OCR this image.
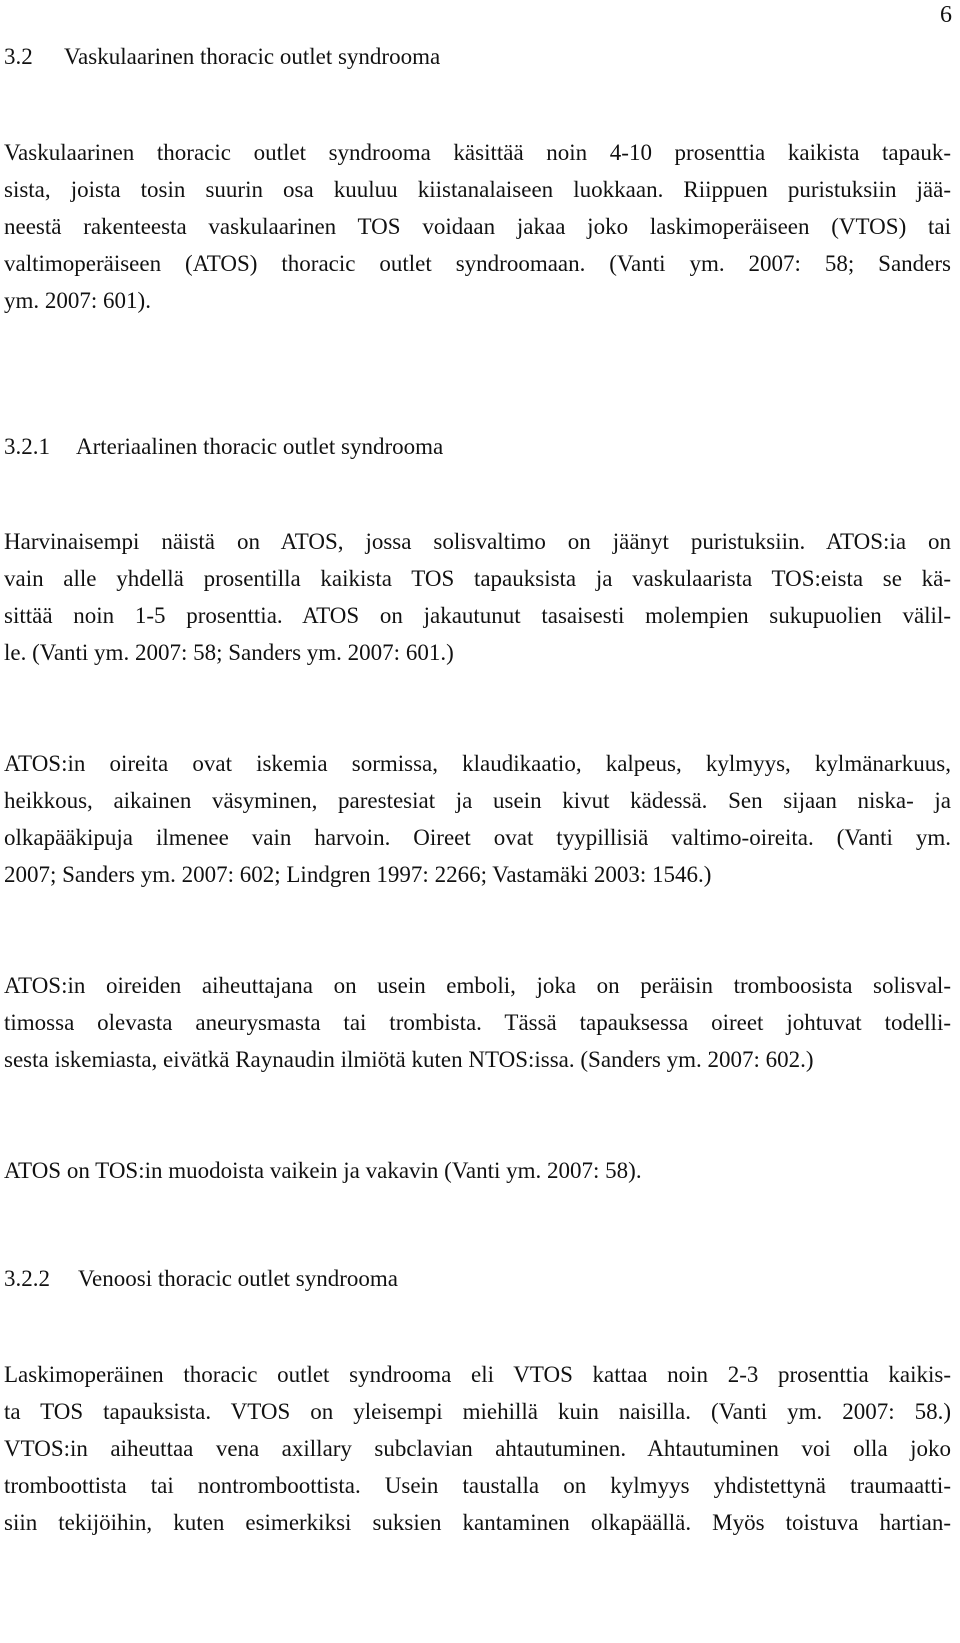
6
3.2 Vaskulaarinen thoracic outlet syndrooma
Vaskulaarinen thoracic outlet syndrooma käsittää noin 4-10 prosenttia kaikista tapauk-
sista, joista tosin suurin osa kuuluu kiistanalaiseen luokkaan. Riippuen puristuksiin jää-
neestä rakenteesta vaskulaarinen TOS voidaan jakaa joko laskimoperäiseen (VTOS) tai
valtimoperäiseen (ATOS) thoracic outlet syndroomaan. (Vanti ym. 2007: 58; Sanders
ym. 2007: 601).
3.2.1 Arteriaalinen thoracic outlet syndrooma
Harvinaisempi näistä on ATOS, jossa solisvaltimo on jäänyt puristuksiin. ATOS:ia on
vain alle yhdellä prosentilla kaikista TOS tapauksista ja vaskulaarista TOS:eista se kä-
sittää noin 1-5 prosenttia. ATOS on jakautunut tasaisesti molempien sukupuolien välil-
le. (Vanti ym. 2007: 58; Sanders ym. 2007: 601.)
ATOS:in oireita ovat iskemia sormissa, klaudikaatio, kalpeus, kylmyys, kylmänarkuus,
heikkous, aikainen väsyminen, parestesiat ja usein kivut kädessä. Sen sijaan niska- ja
olkapääkipuja ilmenee vain harvoin. Oireet ovat tyypillisiä valtimo-oireita. (Vanti ym.
2007; Sanders ym. 2007: 602; Lindgren 1997: 2266; Vastamäki 2003: 1546.)
ATOS:in oireiden aiheuttajana on usein emboli, joka on peräisin tromboosista solisval-
timossa olevasta aneurysmasta tai trombista. Tässä tapauksessa oireet johtuvat todelli-
sesta iskemiasta, eivätkä Raynaudin ilmiötä kuten NTOS:issa. (Sanders ym. 2007: 602.)
ATOS on TOS:in muodoista vaikein ja vakavin (Vanti ym. 2007: 58).
3.2.2 Venoosi thoracic outlet syndrooma
Laskimoperäinen thoracic outlet syndrooma eli VTOS kattaa noin 2-3 prosenttia kaikis-
ta TOS tapauksista. VTOS on yleisempi miehillä kuin naisilla. (Vanti ym. 2007: 58.)
VTOS:in aiheuttaa vena axillary subclavian ahtautuminen. Ahtautuminen voi olla joko
tromboottista tai nontromboottista. Usein taustalla on kylmyys yhdistettynä traumaatti-
siin tekijöihin, kuten esimerkiksi suksien kantaminen olkapäällä. Myös toistuva hartian-
